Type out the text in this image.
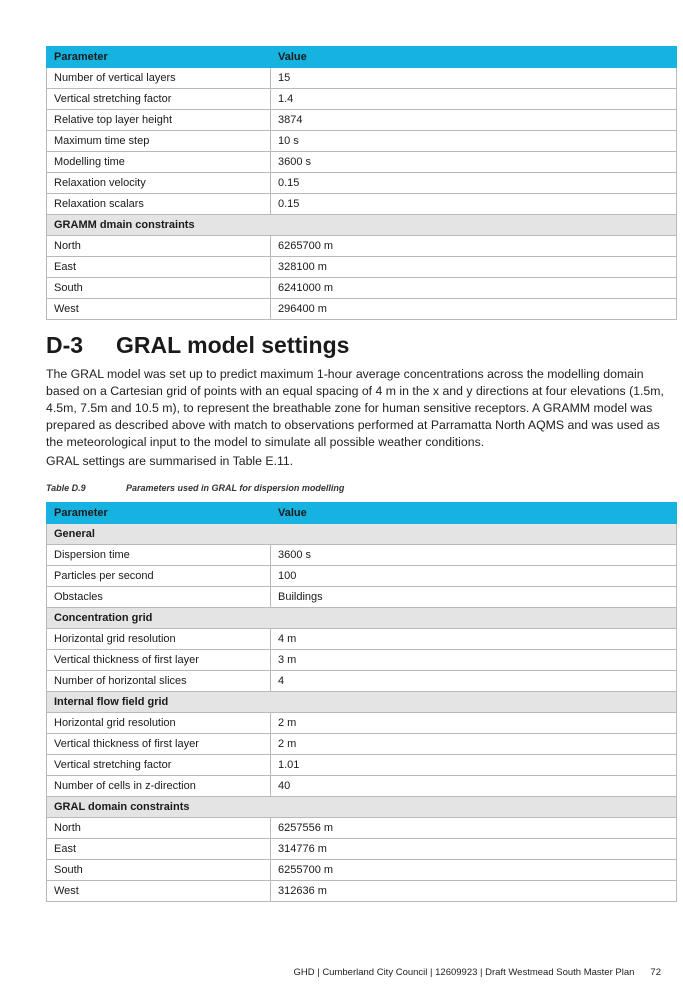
Parameter	Value
Number of vertical layers	15
Vertical stretching factor	1.4
Relative top layer height	3874
Maximum time step	10 s
Modelling time	3600 s
Relaxation velocity	0.15
Relaxation scalars	0.15
GRAMM dmain constraints	
North	6265700 m
East	328100 m
South	6241000 m
West	296400 m
D-3 GRAL model settings

The GRAL model was set up to predict maximum 1-hour average concentrations across the modelling domain based on a Cartesian grid of points with an equal spacing of 4 m in the x and y directions at four elevations (1.5m, 4.5m, 7.5m and 10.5 m), to represent the breathable zone for human sensitive receptors. A GRAMM model was prepared as described above with match to observations performed at Parramatta North AQMS and was used as the meteorological input to the model to simulate all possible weather conditions.

GRAL settings are summarised in Table E.11.

Table D.9	Parameters used in GRAL for dispersion modelling
Parameter	Value
General	
Dispersion time	3600 s
Particles per second	100
Obstacles	Buildings
Concentration grid	
Horizontal grid resolution	4 m
Vertical thickness of first layer	3 m
Number of horizontal slices	4
Internal flow field grid	
Horizontal grid resolution	2 m
Vertical thickness of first layer	2 m
Vertical stretching factor	1.01
Number of cells in z-direction	40
GRAL domain constraints	
North	6257556 m
East	314776 m
South	6255700 m
West	312636 m
GHD | Cumberland City Council | 12609923 | Draft Westmead South Master Plan 72
